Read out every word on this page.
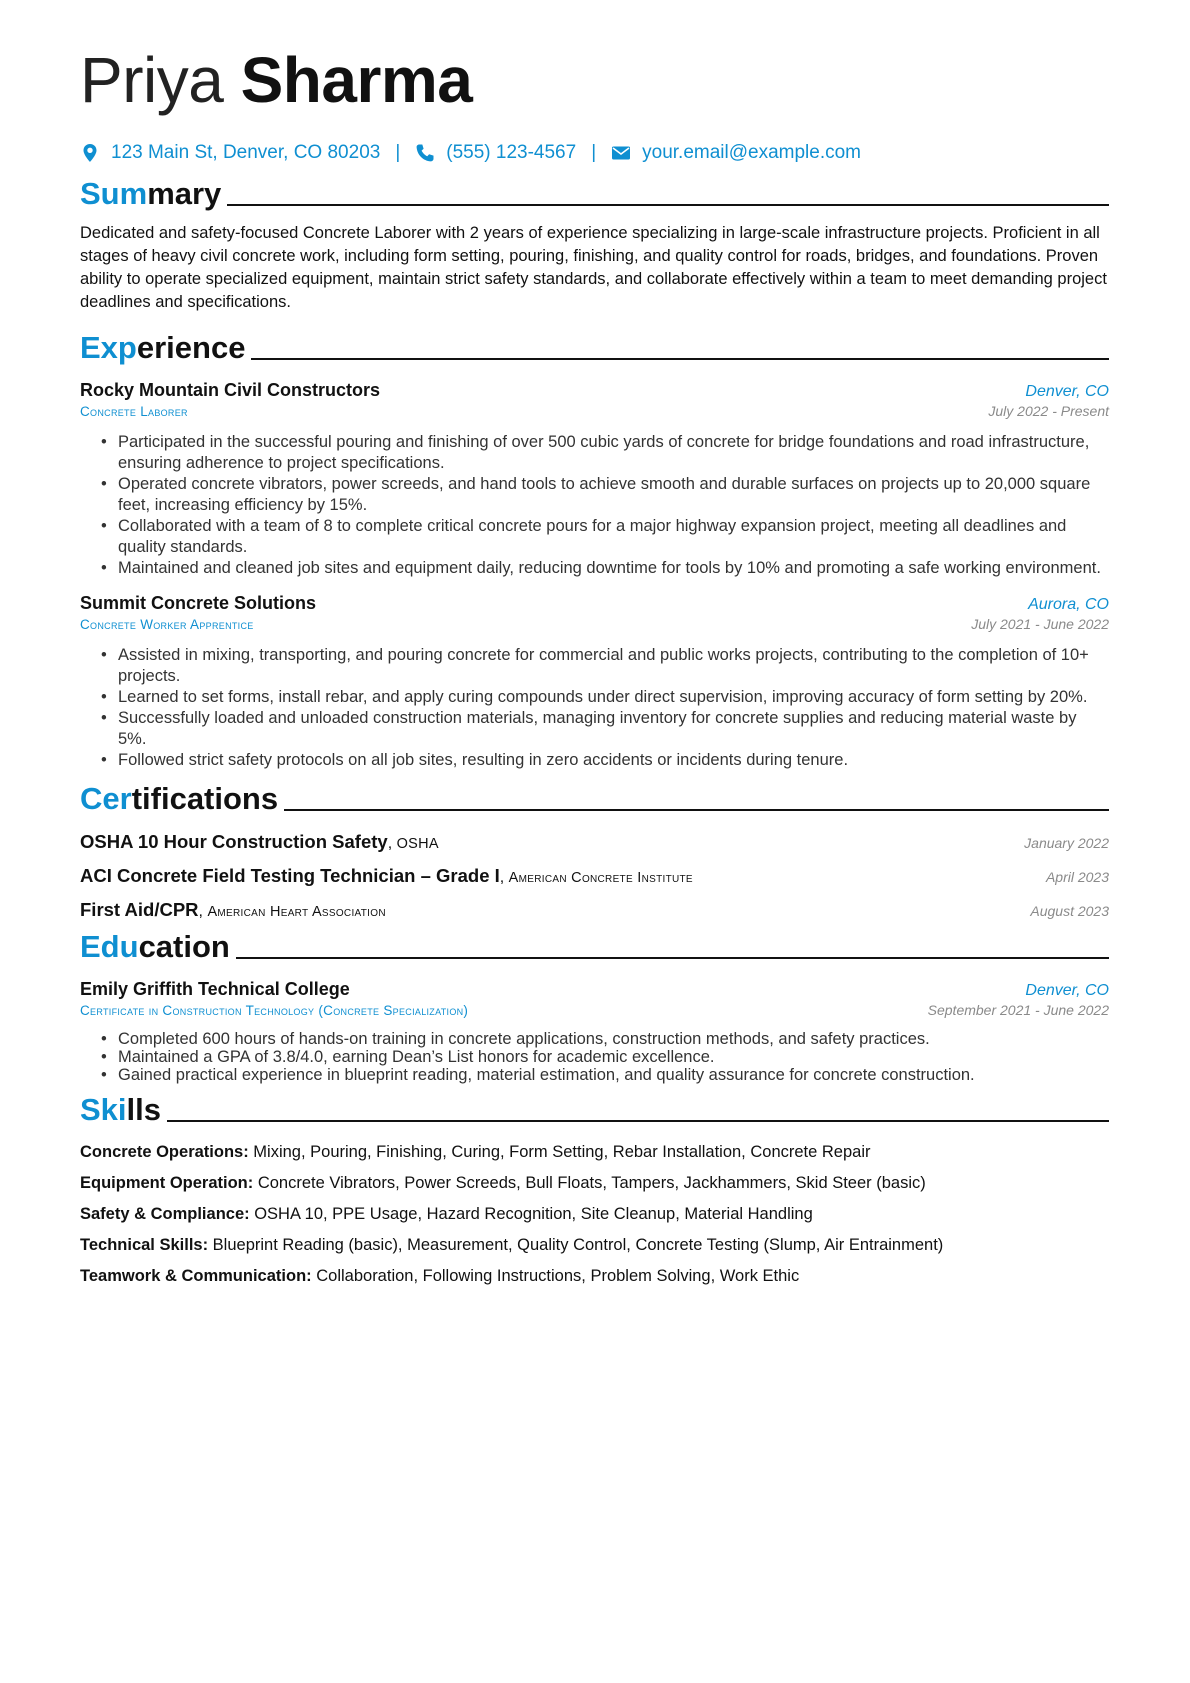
Priya Sharma
123 Main St, Denver, CO 80203 | (555) 123-4567 | your.email@example.com
Summary
Dedicated and safety-focused Concrete Laborer with 2 years of experience specializing in large-scale infrastructure projects. Proficient in all stages of heavy civil concrete work, including form setting, pouring, finishing, and quality control for roads, bridges, and foundations. Proven ability to operate specialized equipment, maintain strict safety standards, and collaborate effectively within a team to meet demanding project deadlines and specifications.
Experience
Rocky Mountain Civil Constructors	Denver, CO
Concrete Laborer	July 2022 - Present
• Participated in the successful pouring and finishing of over 500 cubic yards of concrete for bridge foundations and road infrastructure, ensuring adherence to project specifications.
• Operated concrete vibrators, power screeds, and hand tools to achieve smooth and durable surfaces on projects up to 20,000 square feet, increasing efficiency by 15%.
• Collaborated with a team of 8 to complete critical concrete pours for a major highway expansion project, meeting all deadlines and quality standards.
• Maintained and cleaned job sites and equipment daily, reducing downtime for tools by 10% and promoting a safe working environment.
Summit Concrete Solutions	Aurora, CO
Concrete Worker Apprentice	July 2021 - June 2022
• Assisted in mixing, transporting, and pouring concrete for commercial and public works projects, contributing to the completion of 10+ projects.
• Learned to set forms, install rebar, and apply curing compounds under direct supervision, improving accuracy of form setting by 20%.
• Successfully loaded and unloaded construction materials, managing inventory for concrete supplies and reducing material waste by 5%.
• Followed strict safety protocols on all job sites, resulting in zero accidents or incidents during tenure.
Certifications
OSHA 10 Hour Construction Safety, OSHA	January 2022
ACI Concrete Field Testing Technician – Grade I, American Concrete Institute	April 2023
First Aid/CPR, American Heart Association	August 2023
Education
Emily Griffith Technical College	Denver, CO
Certificate in Construction Technology (Concrete Specialization)	September 2021 - June 2022
• Completed 600 hours of hands-on training in concrete applications, construction methods, and safety practices.
• Maintained a GPA of 3.8/4.0, earning Dean’s List honors for academic excellence.
• Gained practical experience in blueprint reading, material estimation, and quality assurance for concrete construction.
Skills
Concrete Operations: Mixing, Pouring, Finishing, Curing, Form Setting, Rebar Installation, Concrete Repair
Equipment Operation: Concrete Vibrators, Power Screeds, Bull Floats, Tampers, Jackhammers, Skid Steer (basic)
Safety & Compliance: OSHA 10, PPE Usage, Hazard Recognition, Site Cleanup, Material Handling
Technical Skills: Blueprint Reading (basic), Measurement, Quality Control, Concrete Testing (Slump, Air Entrainment)
Teamwork & Communication: Collaboration, Following Instructions, Problem Solving, Work Ethic
